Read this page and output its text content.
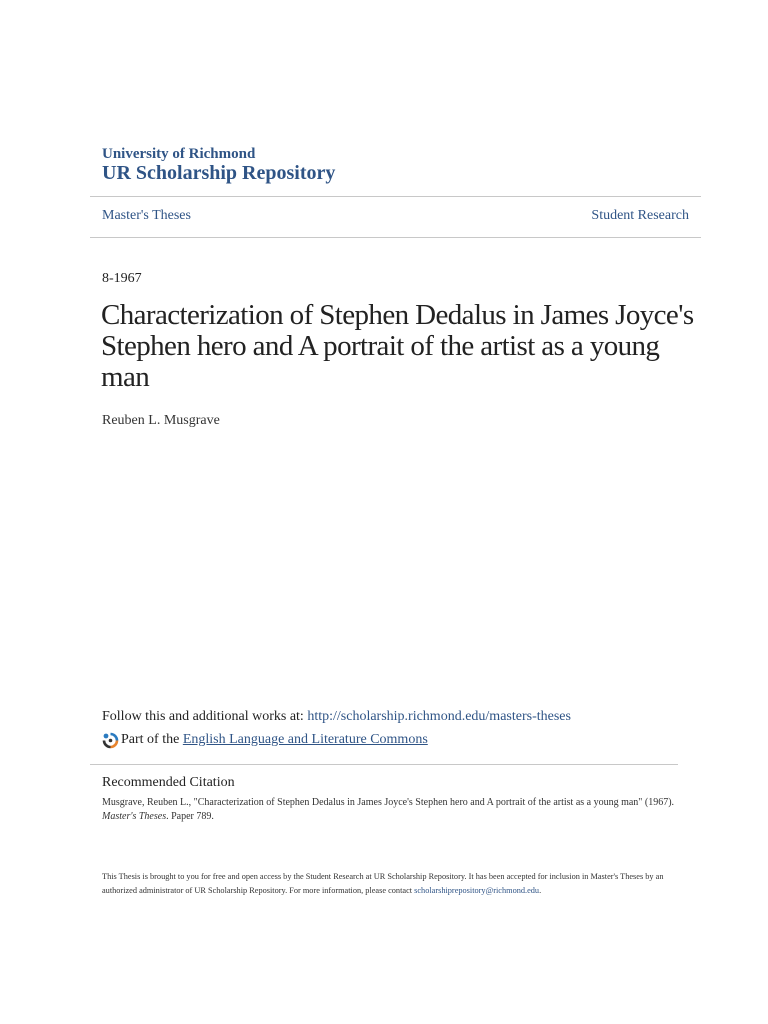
University of Richmond
UR Scholarship Repository
Master's Theses	Student Research
8-1967
Characterization of Stephen Dedalus in James Joyce's Stephen hero and A portrait of the artist as a young man
Reuben L. Musgrave
Follow this and additional works at: http://scholarship.richmond.edu/masters-theses
Part of the
English Language and Literature Commons
Recommended Citation
Musgrave, Reuben L., "Characterization of Stephen Dedalus in James Joyce's Stephen hero and A portrait of the artist as a young man" (1967). Master's Theses. Paper 789.
This Thesis is brought to you for free and open access by the Student Research at UR Scholarship Repository. It has been accepted for inclusion in Master's Theses by an authorized administrator of UR Scholarship Repository. For more information, please contact scholarshiprepository@richmond.edu.
